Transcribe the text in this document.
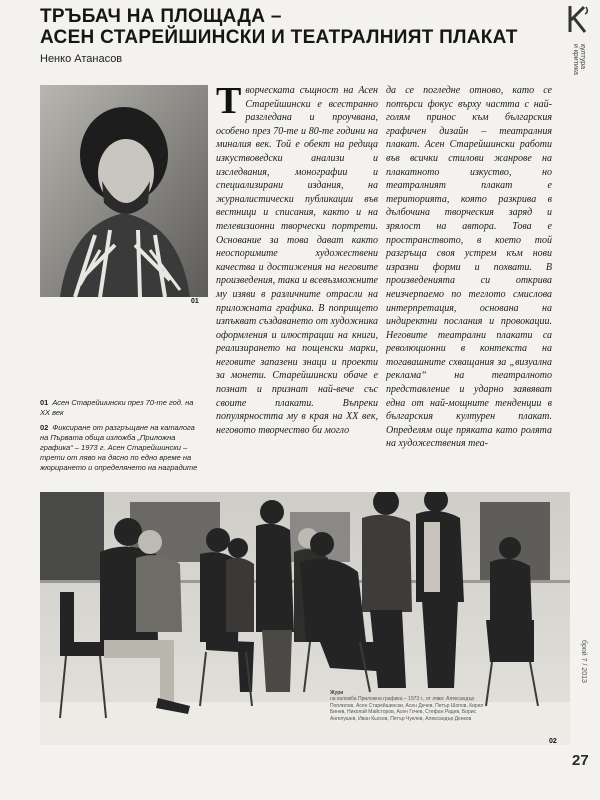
ТРЪБАЧ НА ПЛОЩАДА –
АСЕН СТАРЕЙШИНСКИ И ТЕАТРАЛНИЯТ ПЛАКАТ
Ненко Атанасов	култура
и критика
01
01 Асен Старейшински през 70-те год. на ХХ век
02 Фиксиране от разгръщане на каталога на Първата обща изложба „Приложна графика“ – 1973 г. Асен Старейшински – трети от ляво на дясно по едно време на жюрирането и определянето на наградите
Творческата същност на Асен Старейшински е всестранно разгледана и проучвана, особено през 70-те и 80-те години на миналия век. Той е обект на редица изкуствоведски анализи и изследвания, монографии и специализирани издания, на журналистически публикации във вестници и списания, както и на телевизионни творчески портрети. Основание за това дават както неоспоримите художествени качества и достижения на неговите произведения, така и всевъзможните му изяви в различните отрасли на приложната графика. В попрището изпъкват създаването от художника оформления и илюстрации на книги, реализирането на пощенски марки, неговите запазени знаци и проекти за монети. Старейшински обаче е познат и признат най-вече със своите плакати. Въпреки популярността му в края на ХХ век, неговото творчество би могло
да се погледне отново, като се потърси фокус върху частта с най-голям принос към българския графичен дизайн – театралния плакат. Асен Старейшински работи във всички стилови жанрове на плакатното изкуство, но театралният плакат е територията, която разкрива в дълбочина творческия заряд и зрялост на автора. Това е пространството, в което той разгръща своя устрем към нови изразни форми и похвати. В произведенията си открива неизчерпаемо по теглото смислова интерпретация, основана на индиректни послания и провокации. Неговите театрални плакати са революционни в контекста на тогавашните схващания за „визуална реклама“ на театралното представление и ударно заявяват една от най-мощните тенденции в българския културен плакат. Определям още пряката като ролята на художествения теа-
02
Жури
на изложба Приложна графика – 1973 г., от ляво: Александър Поплилов, Асен Старейшински, Асен Дечев, Петър Шопов, Кирил Бинев, Николай Майсторов, Асен Гочев, Стефан Радев, Борис Ангелушев, Иван Кьосев, Петър Чуклев, Александър Денков
брой 7 / 2013
27
